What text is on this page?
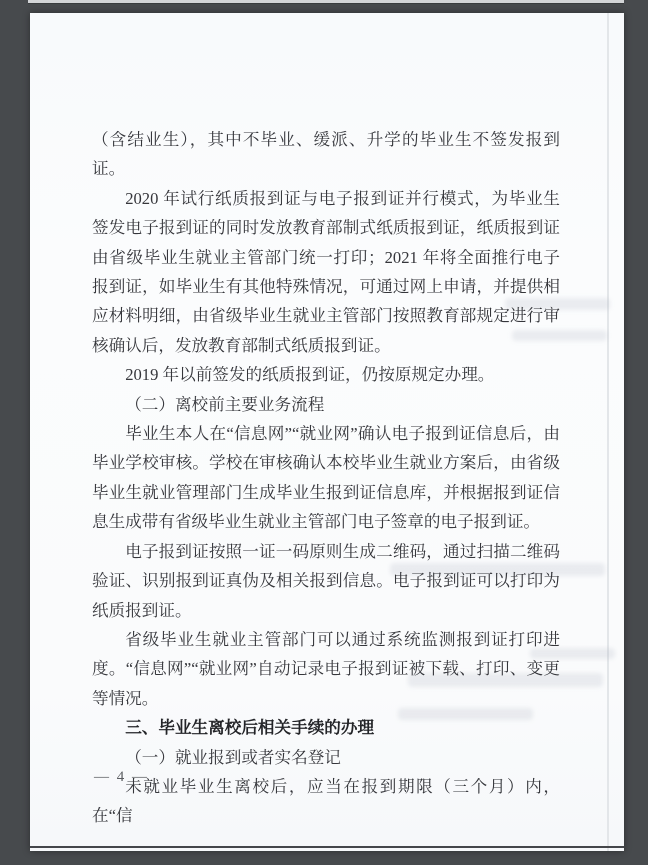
（含结业生），其中不毕业、缓派、升学的毕业生不签发报到证。

2020 年试行纸质报到证与电子报到证并行模式，为毕业生签发电子报到证的同时发放教育部制式纸质报到证，纸质报到证由省级毕业生就业主管部门统一打印；2021 年将全面推行电子报到证，如毕业生有其他特殊情况，可通过网上申请，并提供相应材料明细，由省级毕业生就业主管部门按照教育部规定进行审核确认后，发放教育部制式纸质报到证。

2019 年以前签发的纸质报到证，仍按原规定办理。

（二）离校前主要业务流程

毕业生本人在“信息网”“就业网”确认电子报到证信息后，由毕业学校审核。学校在审核确认本校毕业生就业方案后，由省级毕业生就业管理部门生成毕业生报到证信息库，并根据报到证信息生成带有省级毕业生就业主管部门电子签章的电子报到证。

电子报到证按照一证一码原则生成二维码，通过扫描二维码验证、识别报到证真伪及相关报到信息。电子报到证可以打印为纸质报到证。

省级毕业生就业主管部门可以通过系统监测报到证打印进度。“信息网”“就业网”自动记录电子报到证被下载、打印、变更等情况。

三、毕业生离校后相关手续的办理

（一）就业报到或者实名登记

未就业毕业生离校后，应当在报到期限（三个月）内，在“信

— 4 —
